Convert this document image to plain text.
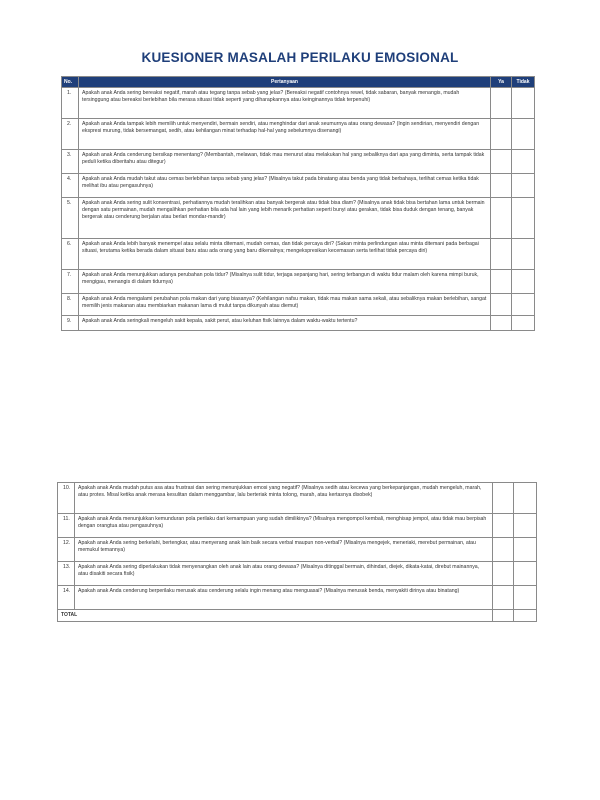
KUESIONER MASALAH PERILAKU EMOSIONAL
No.	Pertanyaan	Ya	Tidak
1.	Apakah anak Anda sering bereaksi negatif, marah atau tegang tanpa sebab yang jelas? (Bereaksi negatif contohnya rewel, tidak sabaran, banyak menangis, mudah tersinggung atau bereaksi berlebihan bila merasa situasi tidak seperti yang diharapkannya atau keinginannya tidak terpenuhi)		
2.	Apakah anak Anda tampak lebih memilih untuk menyendiri, bermain sendiri, atau menghindar dari anak seumurnya atau orang dewasa? (Ingin sendirian, menyendiri dengan ekspresi murung, tidak bersemangat, sedih, atau kehilangan minat terhadap hal-hal yang sebelumnya disenangi)		
3.	Apakah anak Anda cenderung bersikap menentang? (Membantah, melawan, tidak mau menurut atau melakukan hal yang sebaliknya dari apa yang diminta, serta tampak tidak peduli ketika diberitahu atau ditegur)		
4.	Apakah anak Anda mudah takut atau cemas berlebihan tanpa sebab yang jelas? (Misalnya takut pada binatang atau benda yang tidak berbahaya, terlihat cemas ketika tidak melihat ibu atau pengasuhnya)		
5.	Apakah anak Anda sering sulit konsentrasi, perhatiannya mudah teralihkan atau banyak bergerak atau tidak bisa diam? (Misalnya anak tidak bisa bertahan lama untuk bermain dengan satu permainan, mudah mengalihkan perhatian bila ada hal lain yang lebih menarik perhatian seperti bunyi atau gerakan, tidak bisa duduk dengan tenang, banyak bergerak atau cenderung berjalan atau berlari mondar-mandir)		
6.	Apakah anak Anda lebih banyak menempel atau selalu minta ditemani, mudah cemas, dan tidak percaya diri? (Sakan minta perlindungan atau minta ditemani pada berbagai situasi, terutama ketika berada dalam situasi baru atau ada orang yang baru dikenalnya; mengekspresikan kecemasan serta terlihat tidak percaya diri)		
7.	Apakah anak Anda menunjukkan adanya perubahan pola tidur? (Misalnya sulit tidur, terjaga sepanjang hari, sering terbangun di waktu tidur malam oleh karena mimpi buruk, mengigau, menangis di dalam tidurnya)		
8.	Apakah anak Anda mengalami perubahan pola makan dari yang biasanya? (Kehilangan nafsu makan, tidak mau makan sama sekali, atau sebaliknya makan berlebihan, sangat memilih jenis makanan atau membiarkan makanan lama di mulut tanpa dikunyah atau diemut)		
9.	Apakah anak Anda seringkali mengeluh sakit kepala, sakit perut, atau keluhan fisik lainnya dalam waktu-waktu tertentu?		
10.	Apakah anak Anda mudah putus asa atau frustrasi dan sering menunjukkan emosi yang negatif? (Misalnya sedih atau kecewa yang berkepanjangan, mudah mengeluh, marah, atau protes. Misal ketika anak merasa kesulitan dalam menggambar, lalu berteriak minta tolong, marah, atau kertasnya disobek)		
11.	Apakah anak Anda menunjukkan kemunduran pola perilaku dari kemampuan yang sudah dimilikinya? (Misalnya mengompol kembali, menghisap jempol, atau tidak mau berpisah dengan orangtua atau pengasuhnya)		
12.	Apakah anak Anda sering berkelahi, bertengkar, atau menyerang anak lain baik secara verbal maupun non-verbal? (Misalnya mengejek, meneriaki, merebut permainan, atau memukul temannya)		
13.	Apakah anak Anda sering diperlakukan tidak menyenangkan oleh anak lain atau orang dewasa? (Misalnya ditinggal bermain, dihindari, diejek, dikata-katai, direbut mainannya, atau disakiti secara fisik)		
14.	Apakah anak Anda cenderung berperilaku merusak atau cenderung selalu ingin menang atau menguasai? (Misalnya merusak benda, menyakiti dirinya atau binatang)		
TOTAL			
